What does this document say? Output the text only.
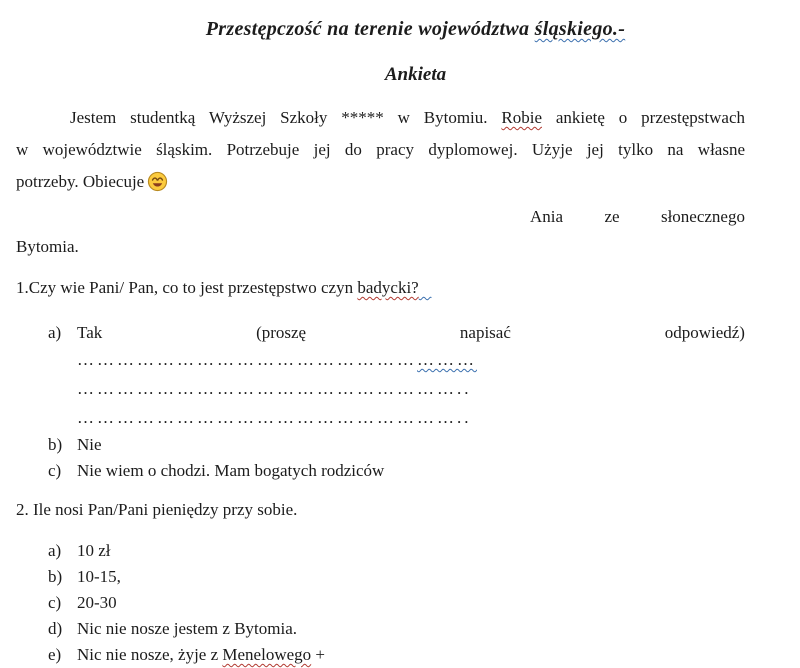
Przestępczość na terenie województwa śląskiego.-
Ankieta
Jestem studentką Wyższej Szkoły ***** w Bytomiu. Robie ankietę o przestępstwach
w województwie śląskim. Potrzebuje jej do pracy dyplomowej. Użyje jej tylko na własne
potrzeby. Obiecuje
Ania ze słonecznego
Bytomia.
1.Czy wie Pani/ Pan, co to jest przestępstwo czyn badycki?
a) Tak	(proszę	napisać	odpowiedź)
……………………………………………………
…………………………………………………..
…………………………………………………..
b) Nie
c) Nie wiem o chodzi. Mam bogatych rodziców
2. Ile nosi Pan/Pani pieniędzy przy sobie.
a) 10 zł
b) 10-15,
c) 20-30
d) Nic nie nosze jestem z Bytomia.
e) Nic nie nosze, żyje z Menelowego +
